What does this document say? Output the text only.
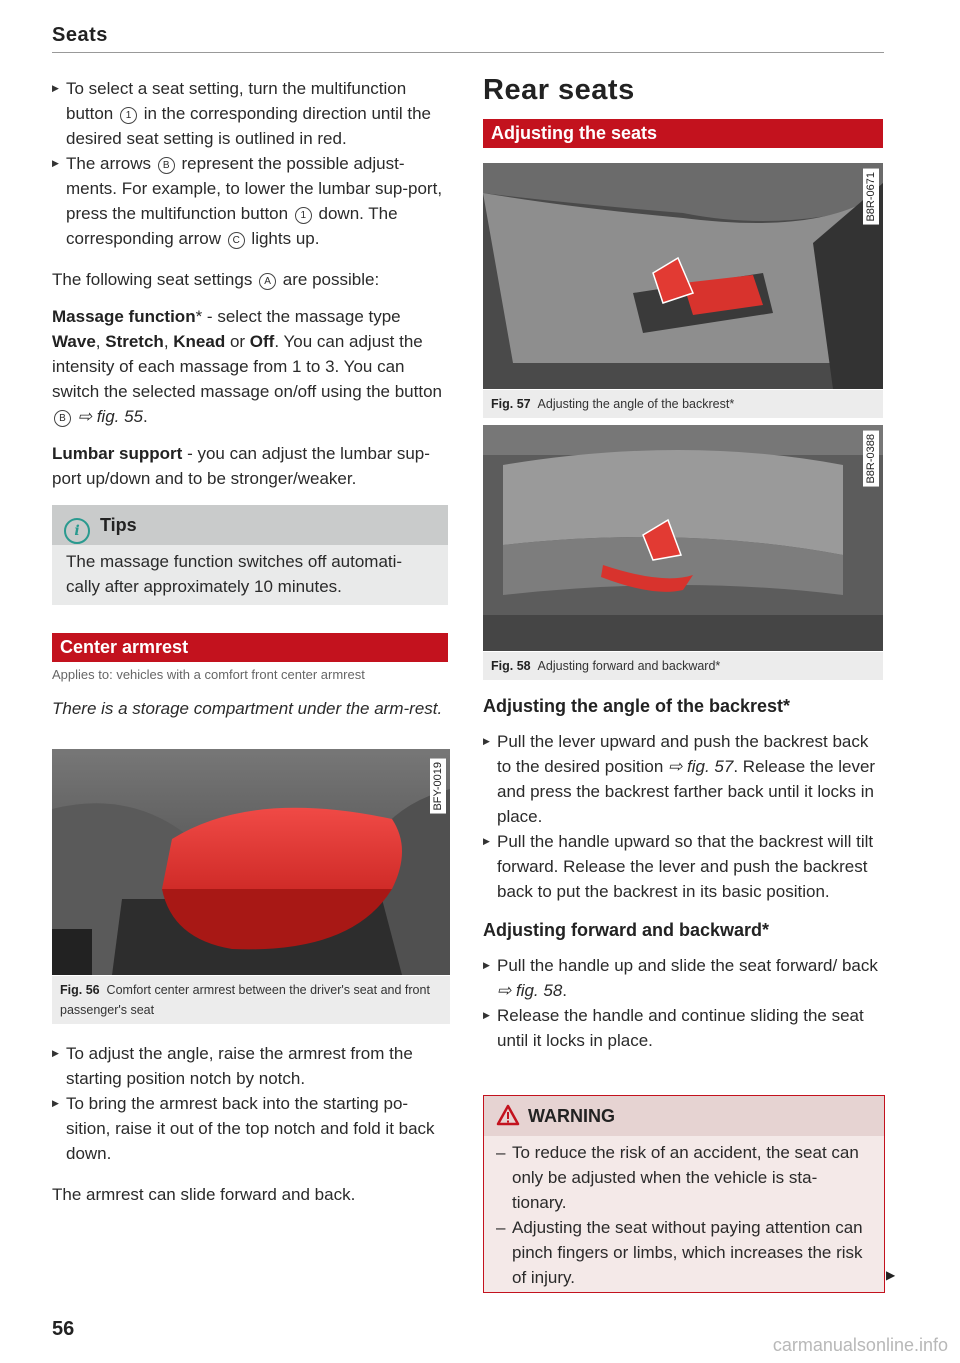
Seats
▶ To select a seat setting, turn the multifunction button 1 in the corresponding direction until the desired seat setting is outlined in red.
▶ The arrows B represent the possible adjust-ments. For example, to lower the lumbar sup-port, press the multifunction button 1 down. The corresponding arrow C lights up.
The following seat settings A are possible:
Massage function* - select the massage type Wave, Stretch, Knead or Off. You can adjust the intensity of each massage from 1 to 3. You can switch the selected massage on/off using the button B ⇨ fig. 55.
Lumbar support - you can adjust the lumbar sup-port up/down and to be stronger/weaker.
i Tips
The massage function switches off automati-cally after approximately 10 minutes.
Center armrest
Applies to: vehicles with a comfort front center armrest
There is a storage compartment under the arm-rest.
BFY-0019
Fig. 56 Comfort center armrest between the driver's seat and front passenger's seat
▶ To adjust the angle, raise the armrest from the starting position notch by notch.
▶ To bring the armrest back into the starting po-sition, raise it out of the top notch and fold it back down.
The armrest can slide forward and back.
Rear seats
Adjusting the seats
B8R-0671
Fig. 57 Adjusting the angle of the backrest*
B8R-0388
Fig. 58 Adjusting forward and backward*
Adjusting the angle of the backrest*
▶ Pull the lever upward and push the backrest back to the desired position ⇨ fig. 57. Release the lever and press the backrest farther back until it locks in place.
▶ Pull the handle upward so that the backrest will tilt forward. Release the lever and push the backrest back to put the backrest in its basic position.
Adjusting forward and backward*
▶ Pull the handle up and slide the seat forward/ back ⇨ fig. 58.
▶ Release the handle and continue sliding the seat until it locks in place.
WARNING
– To reduce the risk of an accident, the seat can only be adjusted when the vehicle is sta-tionary.
– Adjusting the seat without paying attention can pinch fingers or limbs, which increases the risk of injury.	▶
56
carmanualsonline.info
